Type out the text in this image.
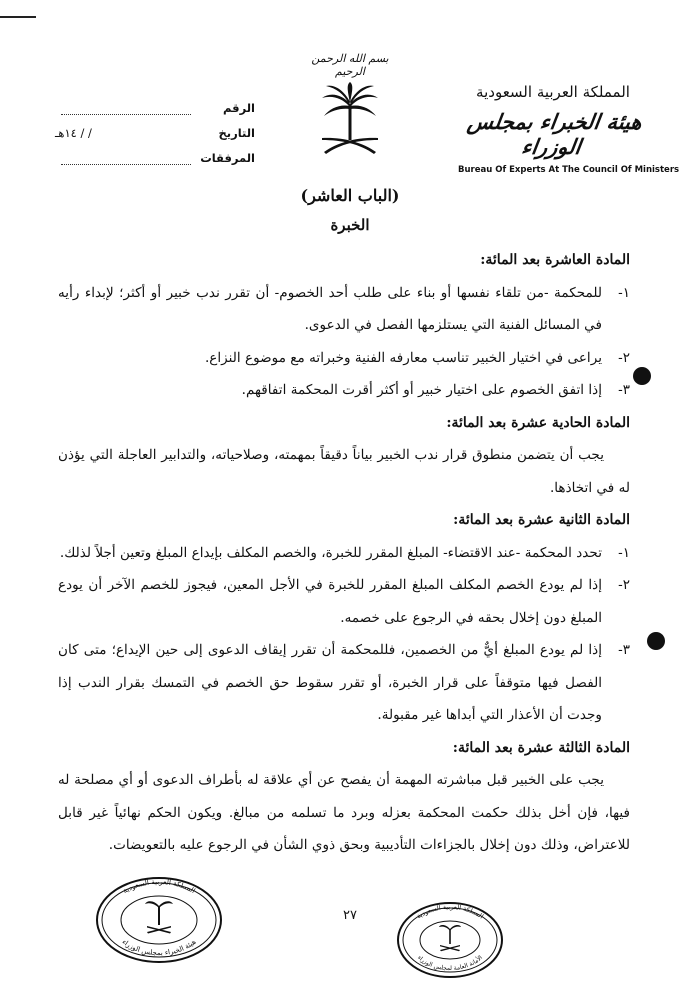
المملكة العربية السعودية
هيئة الخبراء بمجلس الوزراء
Bureau Of Experts At The Council Of Ministers
بسم الله الرحمن الرحيم
الرقم
التاريخ
١٤هـ / /
المرفقات
(الباب العاشر)
الخبرة
المادة العاشرة بعد المائة:
١-
للمحكمة -من تلقاء نفسها أو بناء على طلب أحد الخصوم- أن تقرر ندب خبير أو أكثر؛ لإبداء رأيه في المسائل الفنية التي يستلزمها الفصل في الدعوى.
٢-
يراعى في اختيار الخبير تناسب معارفه الفنية وخبراته مع موضوع النزاع.
٣-
إذا اتفق الخصوم على اختيار خبير أو أكثر أقرت المحكمة اتفاقهم.
المادة الحادية عشرة بعد المائة:
يجب أن يتضمن منطوق قرار ندب الخبير بياناً دقيقاً بمهمته، وصلاحياته، والتدابير العاجلة التي يؤذن له في اتخاذها.
المادة الثانية عشرة بعد المائة:
١-
تحدد المحكمة -عند الاقتضاء- المبلغ المقرر للخبرة، والخصم المكلف بإيداع المبلغ وتعين أجلاً لذلك.
٢-
إذا لم يودع الخصم المكلف المبلغ المقرر للخبرة في الأجل المعين، فيجوز للخصم الآخر أن يودع المبلغ دون إخلال بحقه في الرجوع على خصمه.
٣-
إذا لم يودع المبلغ أيٌّ من الخصمين، فللمحكمة أن تقرر إيقاف الدعوى إلى حين الإيداع؛ متى كان الفصل فيها متوقفاً على قرار الخبرة، أو تقرر سقوط حق الخصم في التمسك بقرار الندب إذا وجدت أن الأعذار التي أبداها غير مقبولة.
المادة الثالثة عشرة بعد المائة:
يجب على الخبير قبل مباشرته المهمة أن يفصح عن أي علاقة له بأطراف الدعوى أو أي مصلحة له فيها، فإن أخل بذلك حكمت المحكمة بعزله وبرد ما تسلمه من مبالغ. ويكون الحكم نهائياً غير قابل للاعتراض، وذلك دون إخلال بالجزاءات التأديبية وبحق ذوي الشأن في الرجوع عليه بالتعويضات.
٢٧
المملكة العربية السعودية
هيئة الخبراء بمجلس الوزراء
المملكة العربية السعودية
الأمانة العامة لمجلس الوزراء
